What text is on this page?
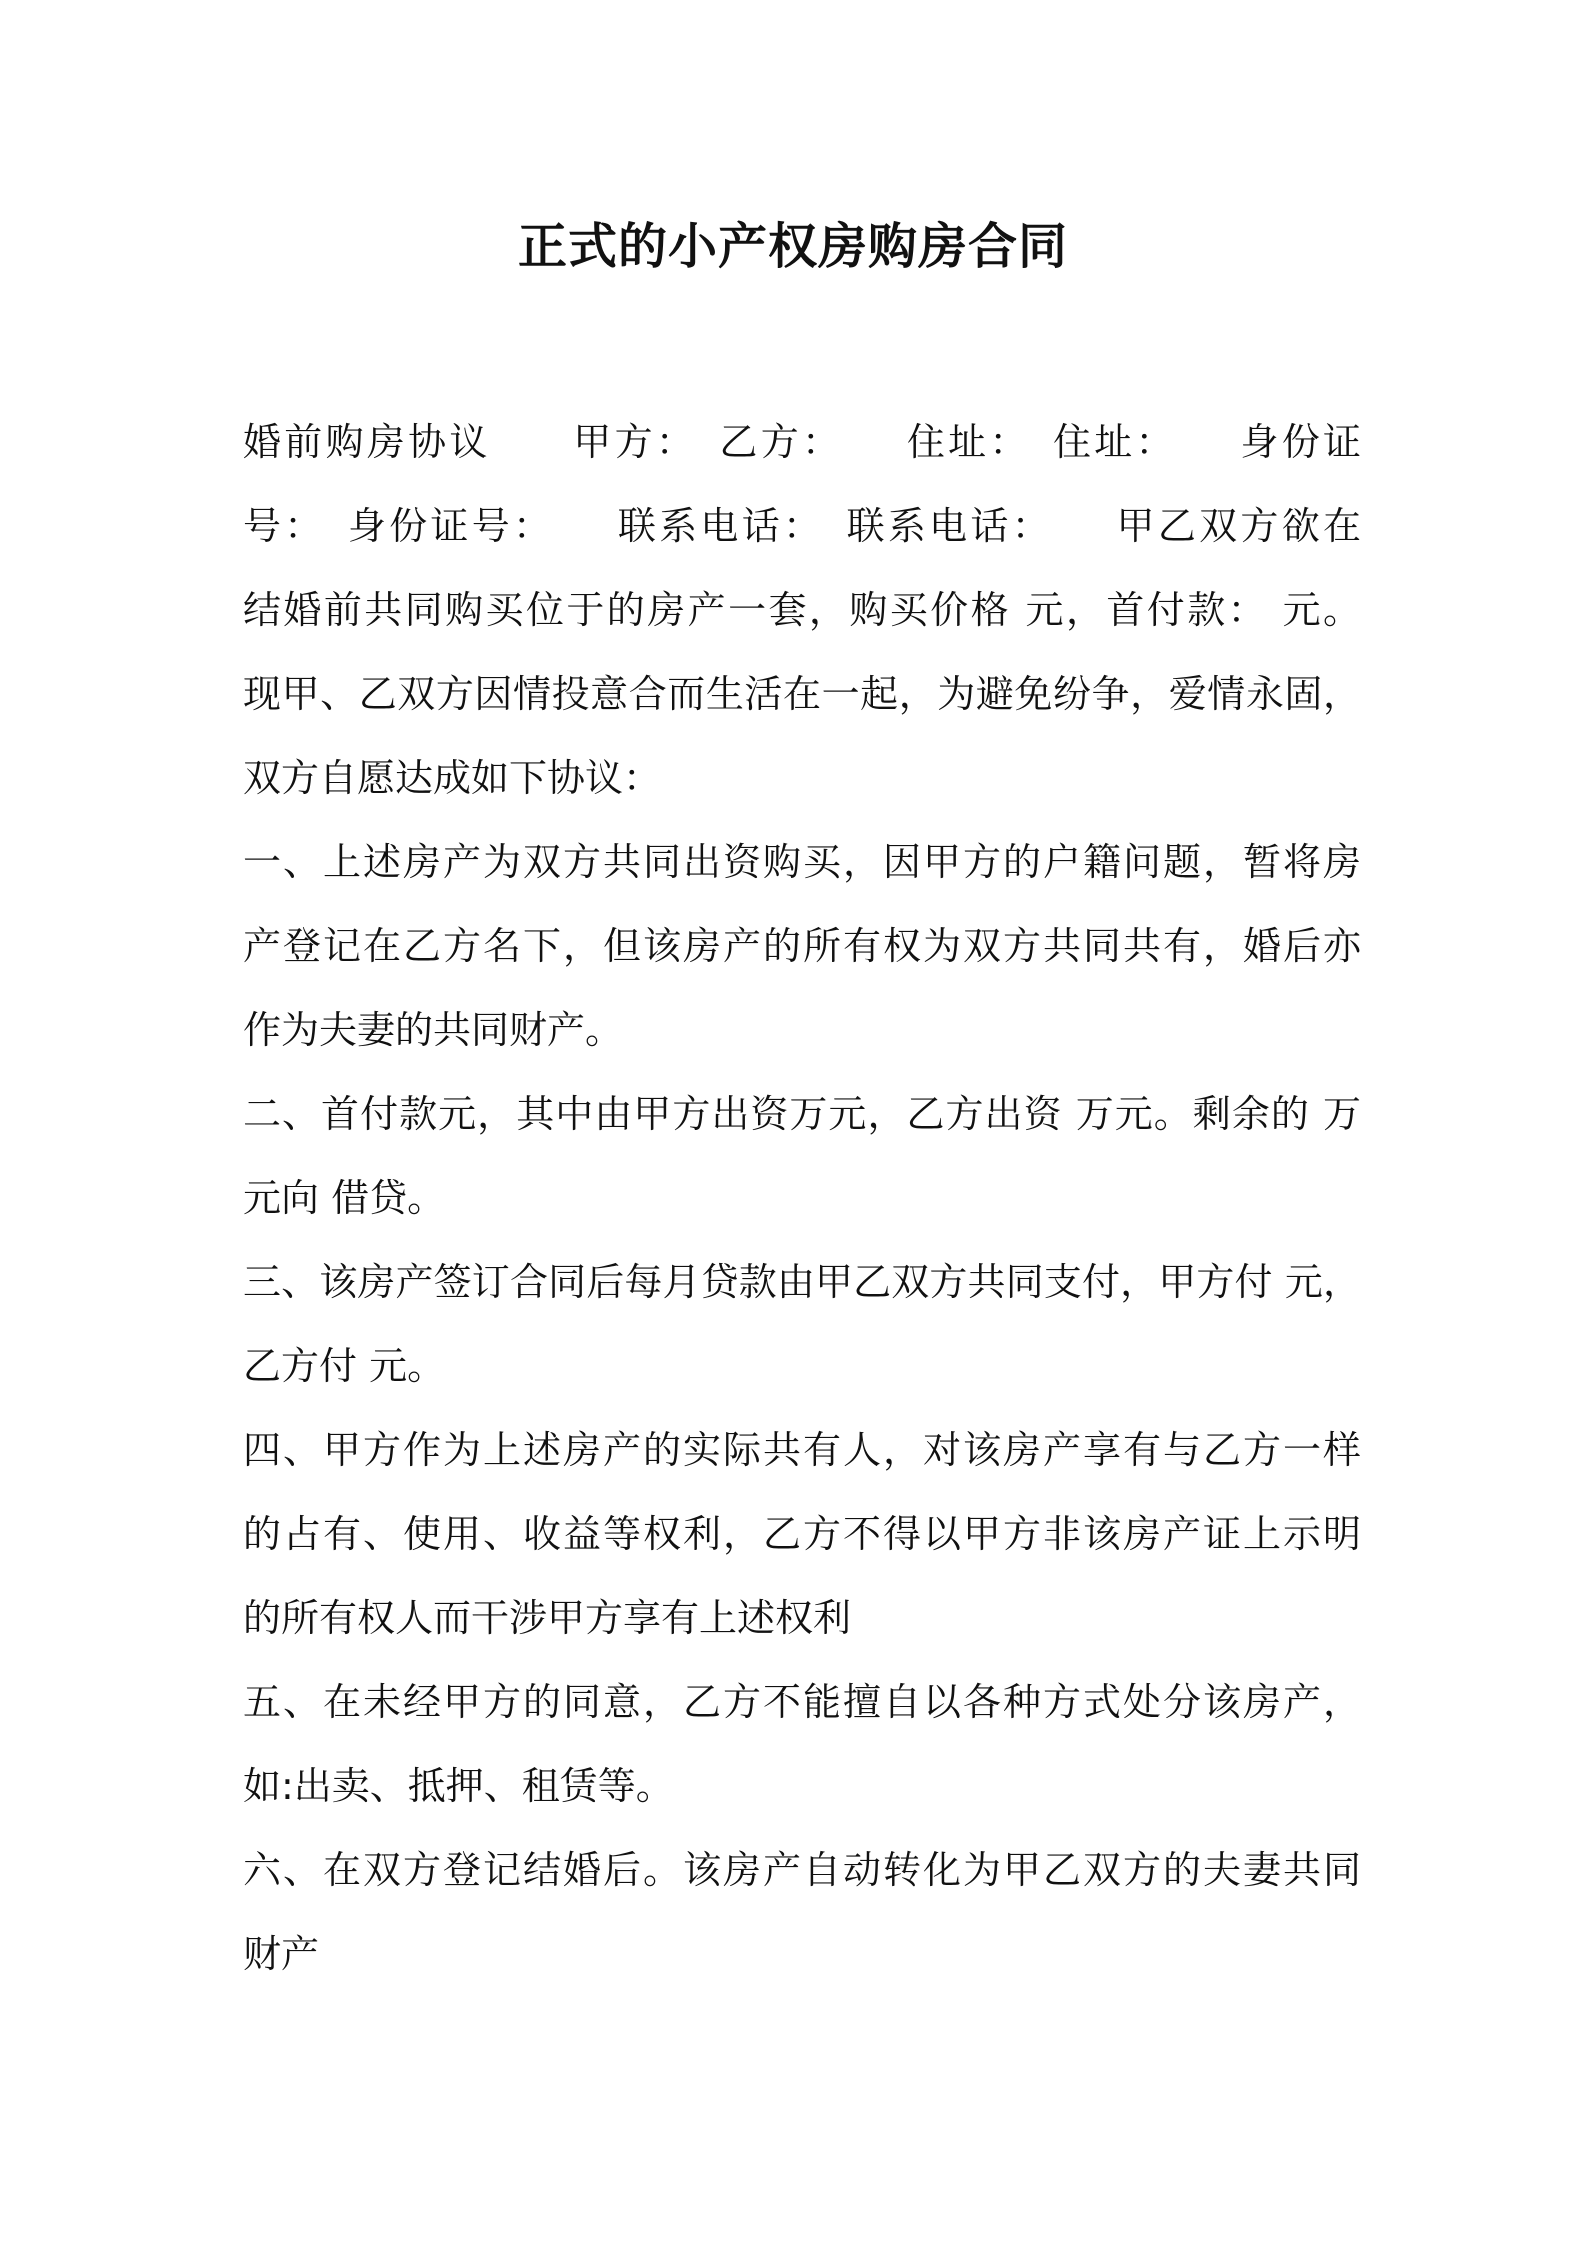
正式的小产权房购房合同
婚前购房协议　　甲方：　乙方：　　住址：　住址：　　身份证
号：　身份证号：　　联系电话：　联系电话：　　甲乙双方欲在
结婚前共同购买位于的房产一套，购买价格 元，首付款： 元。
现甲、乙双方因情投意合而生活在一起，为避免纷争，爱情永固，
双方自愿达成如下协议：
一、上述房产为双方共同出资购买，因甲方的户籍问题，暂将房
产登记在乙方名下，但该房产的所有权为双方共同共有，婚后亦
作为夫妻的共同财产。
二、首付款元，其中由甲方出资万元，乙方出资 万元。剩余的 万
元向 借贷。
三、该房产签订合同后每月贷款由甲乙双方共同支付，甲方付 元，
乙方付 元。
四、甲方作为上述房产的实际共有人，对该房产享有与乙方一样
的占有、使用、收益等权利，乙方不得以甲方非该房产证上示明
的所有权人而干涉甲方享有上述权利
五、在未经甲方的同意，乙方不能擅自以各种方式处分该房产，
如:出卖、抵押、租赁等。
六、在双方登记结婚后。该房产自动转化为甲乙双方的夫妻共同
财产
